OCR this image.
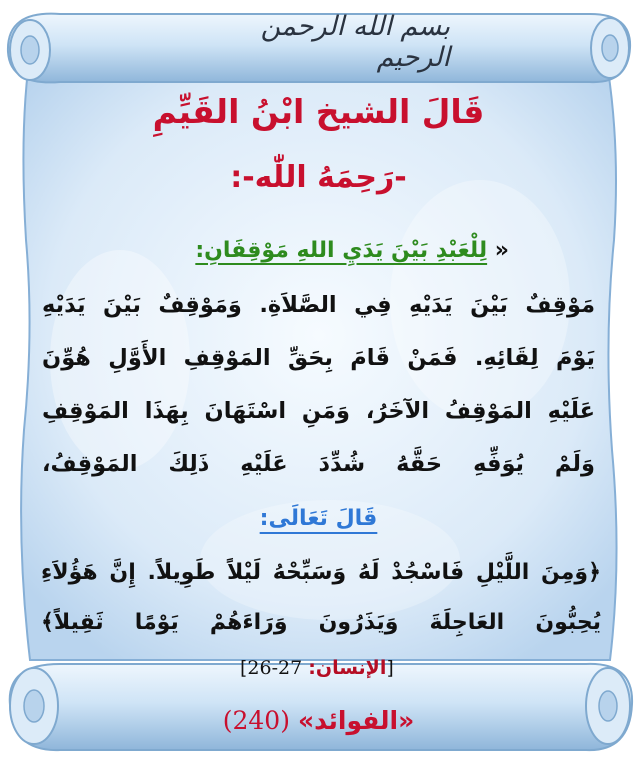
بسم الله الرحمن الرحيم
قَالَ الشيخ ابْنُ القَيِّمِ
-رَحِمَهُ اللّٰه-:
« لِلْعَبْدِ بَيْنَ يَدَيِ اللهِ مَوْقِفَانِ:
مَوْقِفٌ بَيْنَ يَدَيْهِ فِي الصَّلاَةِ. وَمَوْقِفٌ بَيْنَ يَدَيْهِ
يَوْمَ لِقَائِهِ. فَمَنْ قَامَ بِحَقِّ المَوْقِفِ الأَوَّلِ هُوِّنَ
عَلَيْهِ المَوْقِفُ الآخَرُ، وَمَنِ اسْتَهَانَ بِهَذَا المَوْقِفِ
وَلَمْ يُوَفِّهِ حَقَّهُ شُدِّدَ عَلَيْهِ ذَلِكَ المَوْقِفُ،
قَالَ تَعَالَى:
﴿وَمِنَ اللَّيْلِ فَاسْجُدْ لَهُ وَسَبِّحْهُ لَيْلاً طَوِيلاً. إِنَّ هَؤُلاَءِ
يُحِبُّونَ العَاجِلَةَ وَيَذَرُونَ وَرَاءَهُمْ يَوْمًا ثَقِيلاً﴾
[الإنسان: 26-27]
«الفوائد» (240)
